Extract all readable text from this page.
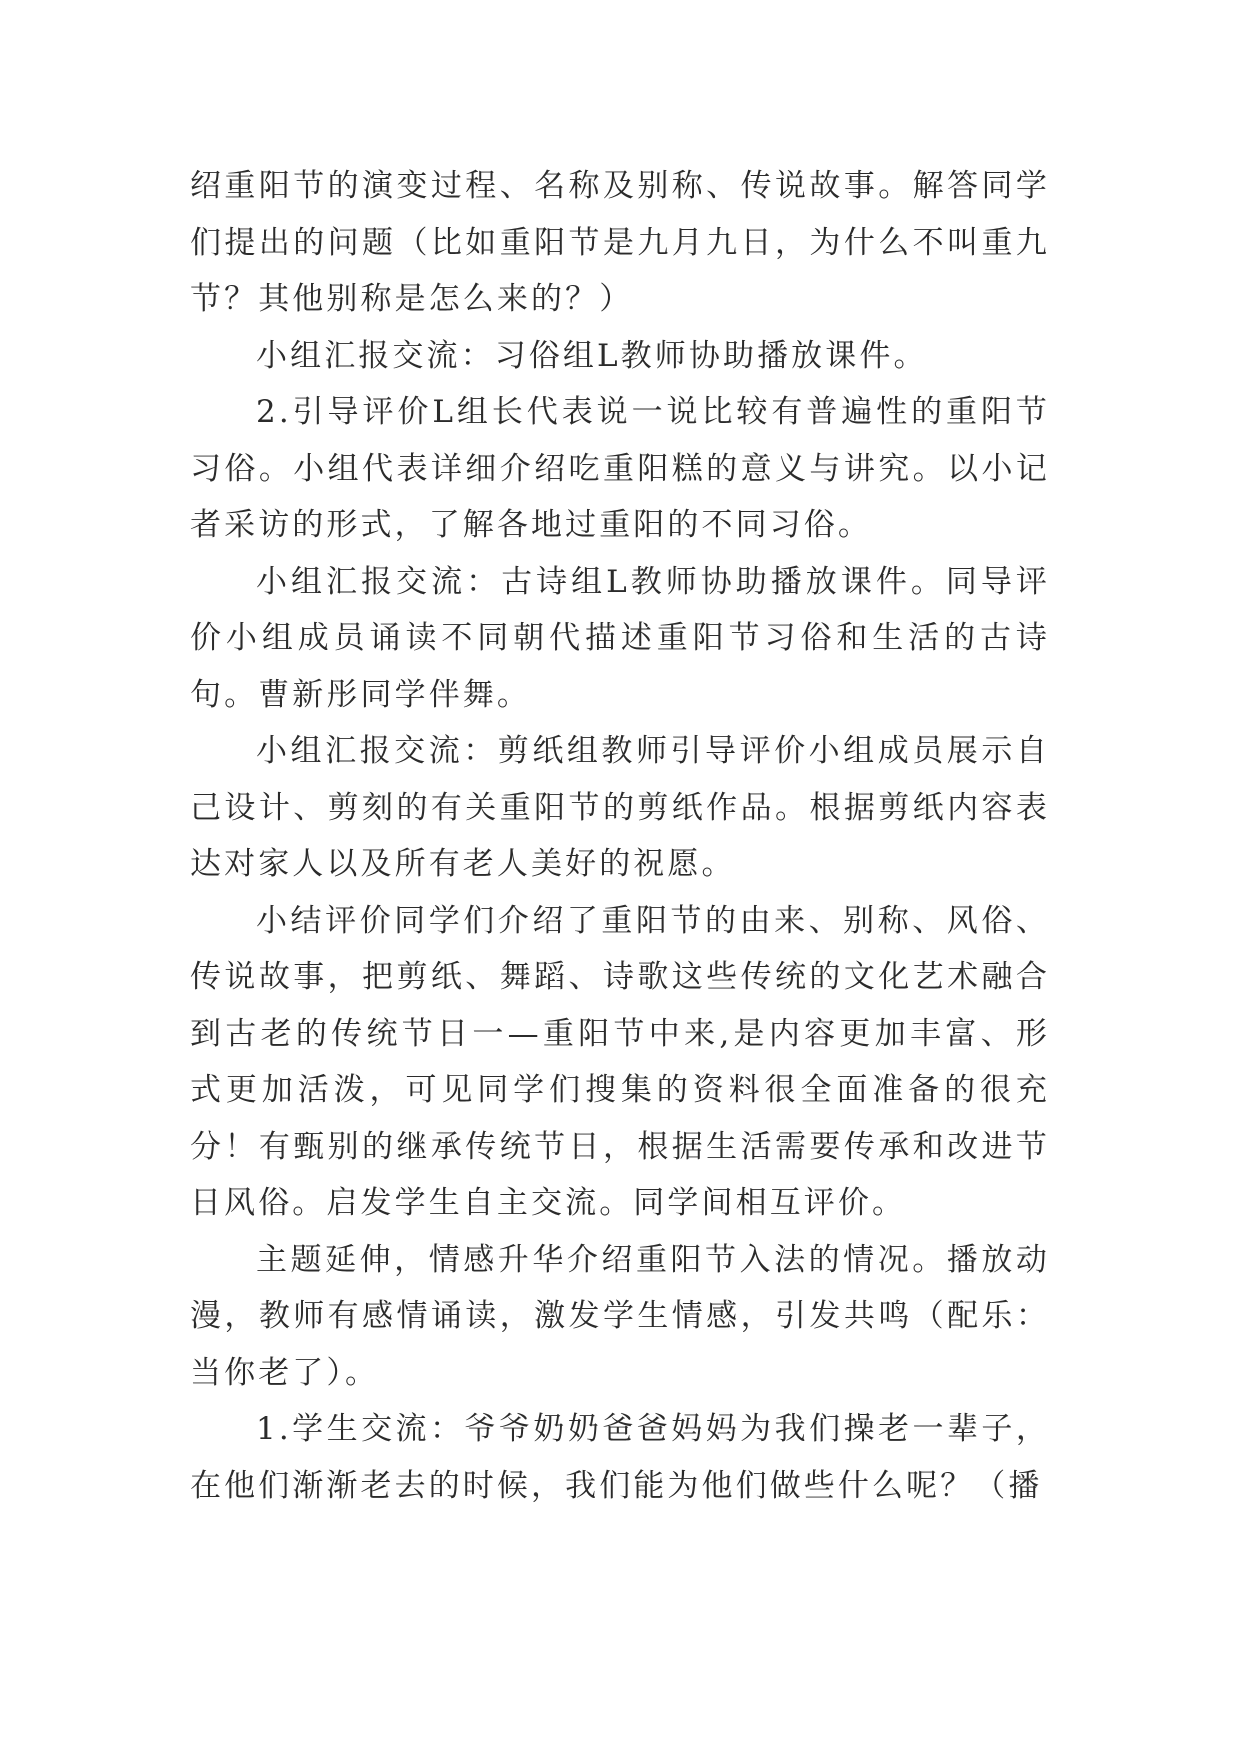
绍重阳节的演变过程、名称及别称、传说故事。解答同学们提出的问题（比如重阳节是九月九日，为什么不叫重九节？其他别称是怎么来的？）

小组汇报交流：习俗组L教师协助播放课件。

2.引导评价L组长代表说一说比较有普遍性的重阳节习俗。小组代表详细介绍吃重阳糕的意义与讲究。以小记者采访的形式，了解各地过重阳的不同习俗。

小组汇报交流：古诗组L教师协助播放课件。同导评价小组成员诵读不同朝代描述重阳节习俗和生活的古诗句。曹新彤同学伴舞。

小组汇报交流：剪纸组教师引导评价小组成员展示自己设计、剪刻的有关重阳节的剪纸作品。根据剪纸内容表达对家人以及所有老人美好的祝愿。

小结评价同学们介绍了重阳节的由来、别称、风俗、传说故事，把剪纸、舞蹈、诗歌这些传统的文化艺术融合到古老的传统节日一—重阳节中来,是内容更加丰富、形式更加活泼，可见同学们搜集的资料很全面准备的很充分！有甄别的继承传统节日，根据生活需要传承和改进节日风俗。启发学生自主交流。同学间相互评价。

主题延伸，情感升华介绍重阳节入法的情况。播放动漫，教师有感情诵读，激发学生情感，引发共鸣（配乐：当你老了）。

1.学生交流：爷爷奶奶爸爸妈妈为我们操老一辈子，在他们渐渐老去的时候，我们能为他们做些什么呢？（播
